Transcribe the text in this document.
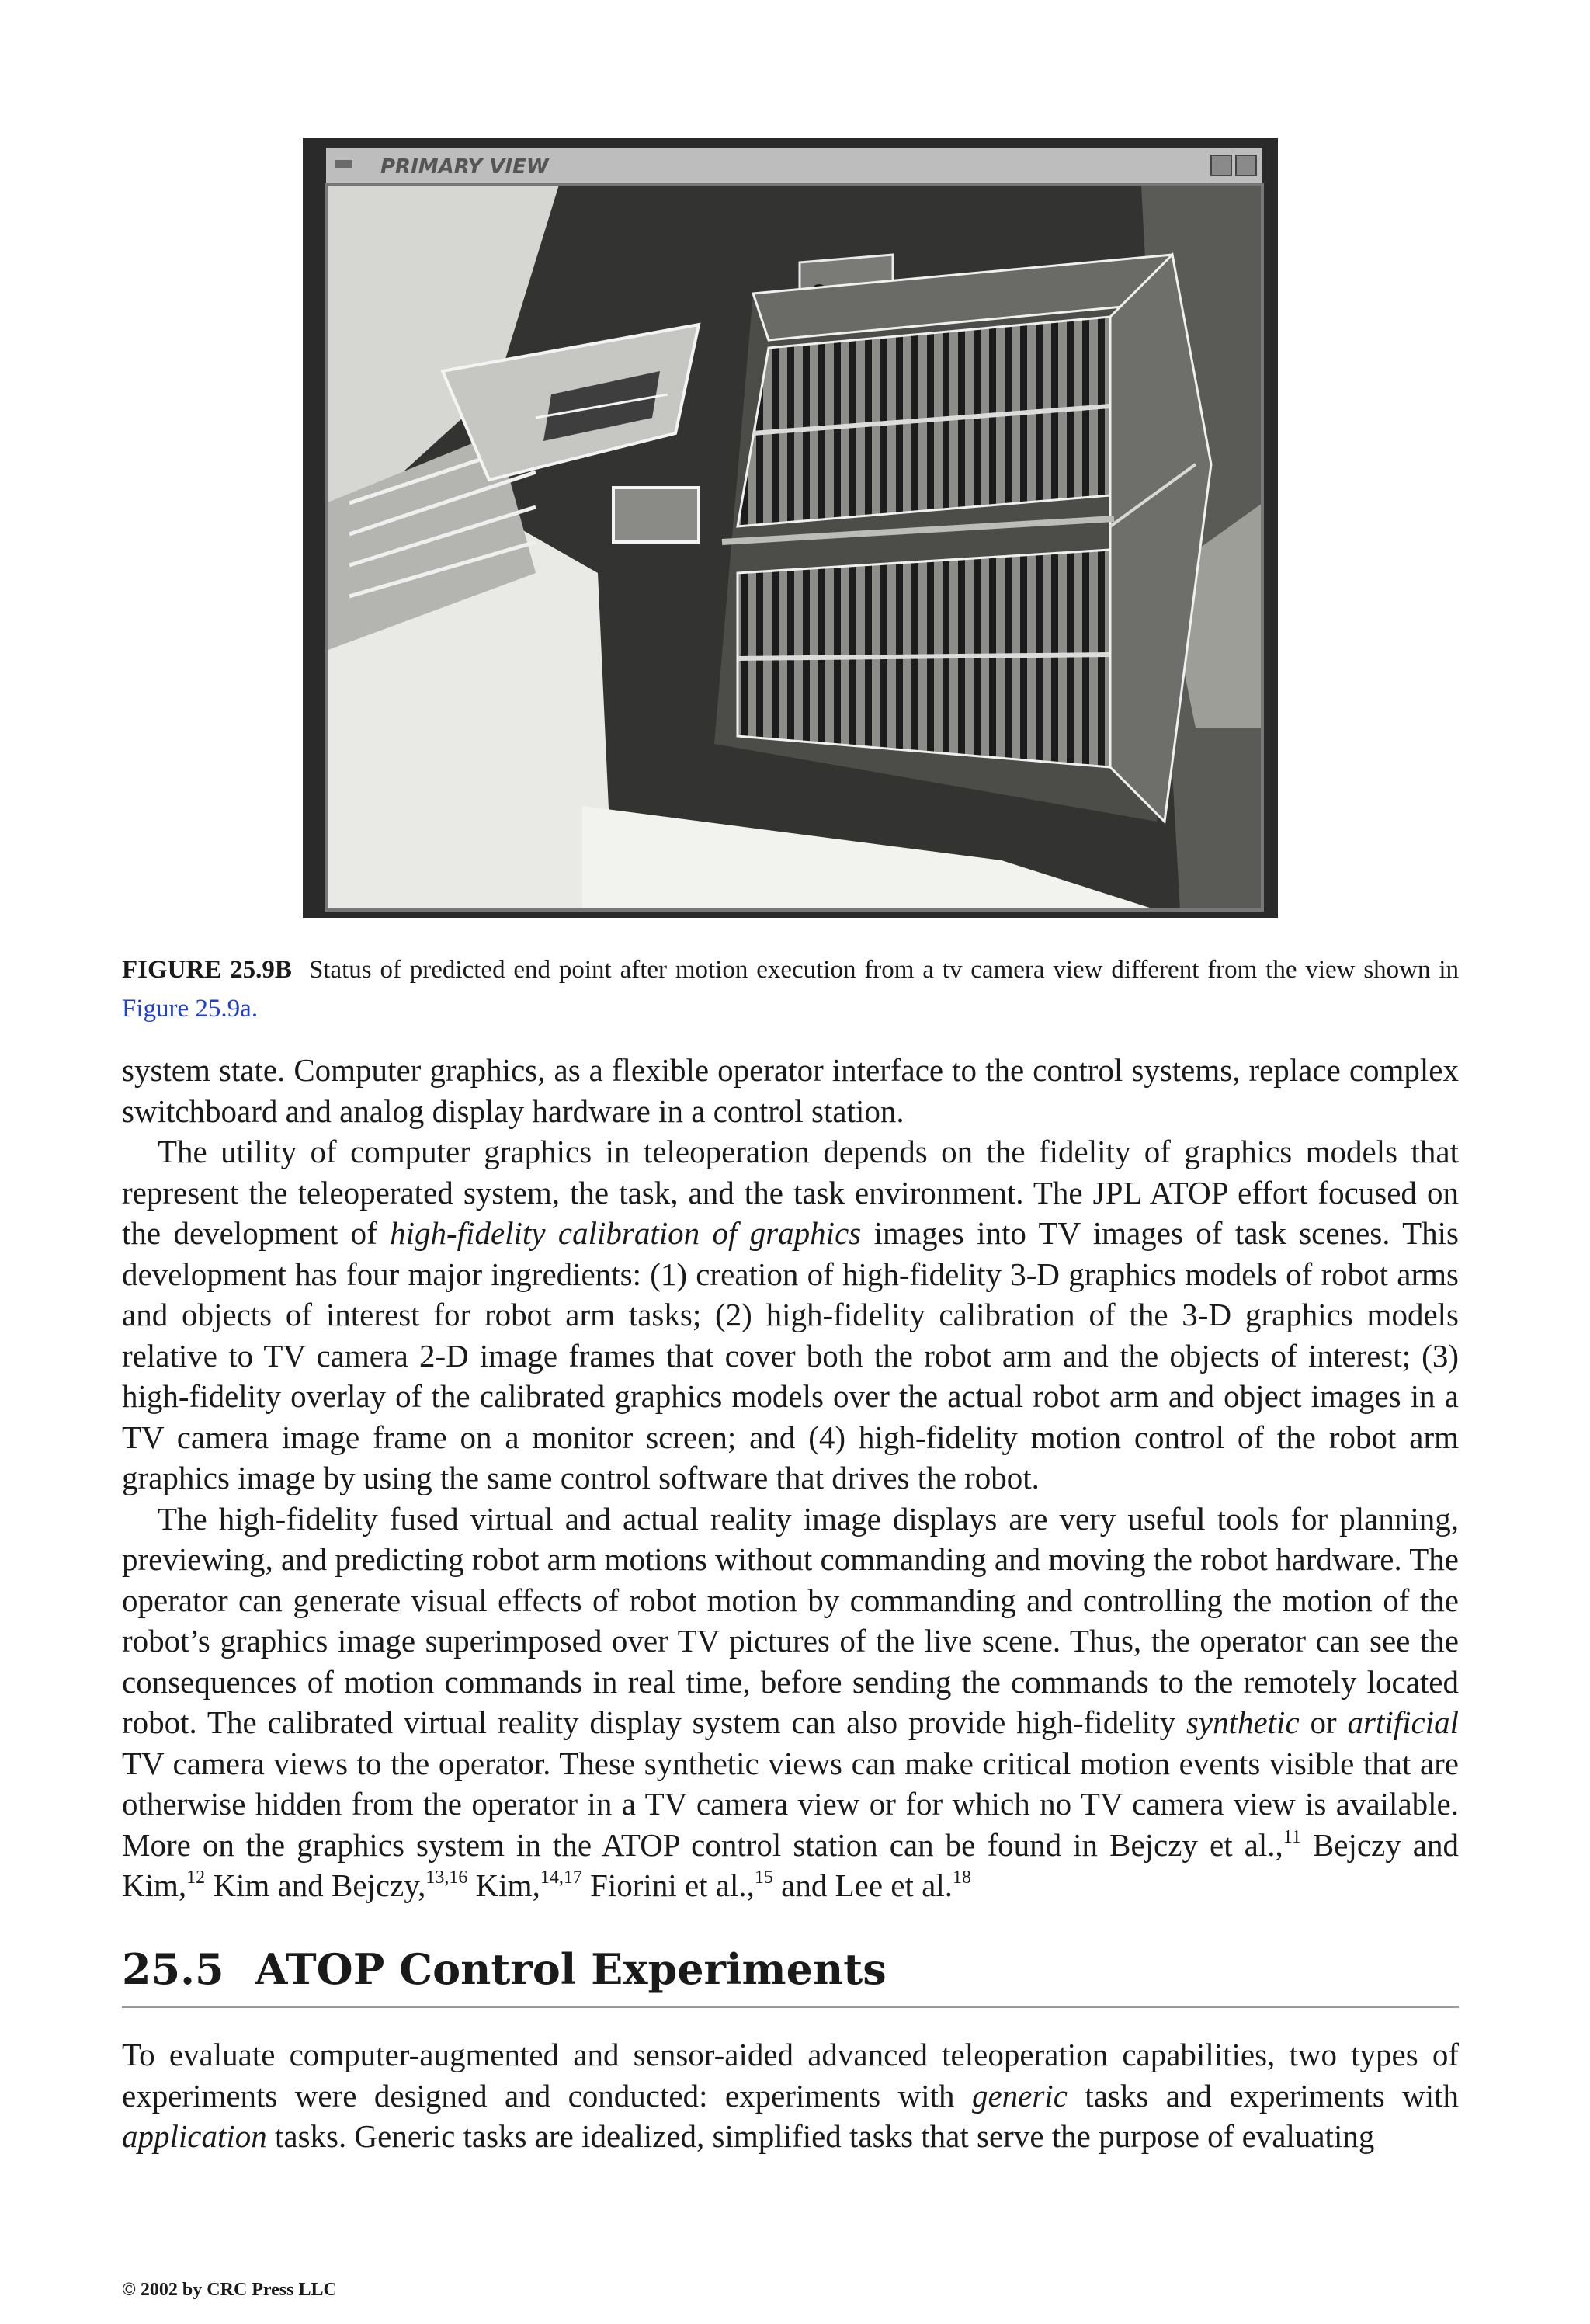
PRIMARY VIEW
FIGURE 25.9B Status of predicted end point after motion execution from a tv camera view different from the view shown in Figure 25.9a.

system state. Computer graphics, as a flexible operator interface to the control systems, replace complex switchboard and analog display hardware in a control station.

The utility of computer graphics in teleoperation depends on the fidelity of graphics models that represent the teleoperated system, the task, and the task environment. The JPL ATOP effort focused on the development of high-fidelity calibration of graphics images into TV images of task scenes. This development has four major ingredients: (1) creation of high-fidelity 3-D graphics models of robot arms and objects of interest for robot arm tasks; (2) high-fidelity calibration of the 3-D graphics models relative to TV camera 2-D image frames that cover both the robot arm and the objects of interest; (3) high-fidelity overlay of the calibrated graphics models over the actual robot arm and object images in a TV camera image frame on a monitor screen; and (4) high-fidelity motion control of the robot arm graphics image by using the same control software that drives the robot.

The high-fidelity fused virtual and actual reality image displays are very useful tools for planning, previewing, and predicting robot arm motions without commanding and moving the robot hardware. The operator can generate visual effects of robot motion by commanding and controlling the motion of the robot’s graphics image superimposed over TV pictures of the live scene. Thus, the operator can see the consequences of motion commands in real time, before sending the commands to the remotely located robot. The calibrated virtual reality display system can also provide high-fidelity synthetic or artificial TV camera views to the operator. These synthetic views can make critical motion events visible that are otherwise hidden from the operator in a TV camera view or for which no TV camera view is available. More on the graphics system in the ATOP control station can be found in Bejczy et al.,$^{11}$ Bejczy and Kim,$^{12}$ Kim and Bejczy,$^{13,16}$ Kim,$^{14,17}$ Fiorini et al.,$^{15}$ and Lee et al.$^{18}$

25.5 ATOP Control Experiments

To evaluate computer-augmented and sensor-aided advanced teleoperation capabilities, two types of experiments were designed and conducted: experiments with generic tasks and experiments with application tasks. Generic tasks are idealized, simplified tasks that serve the purpose of evaluating

© 2002 by CRC Press LLC
